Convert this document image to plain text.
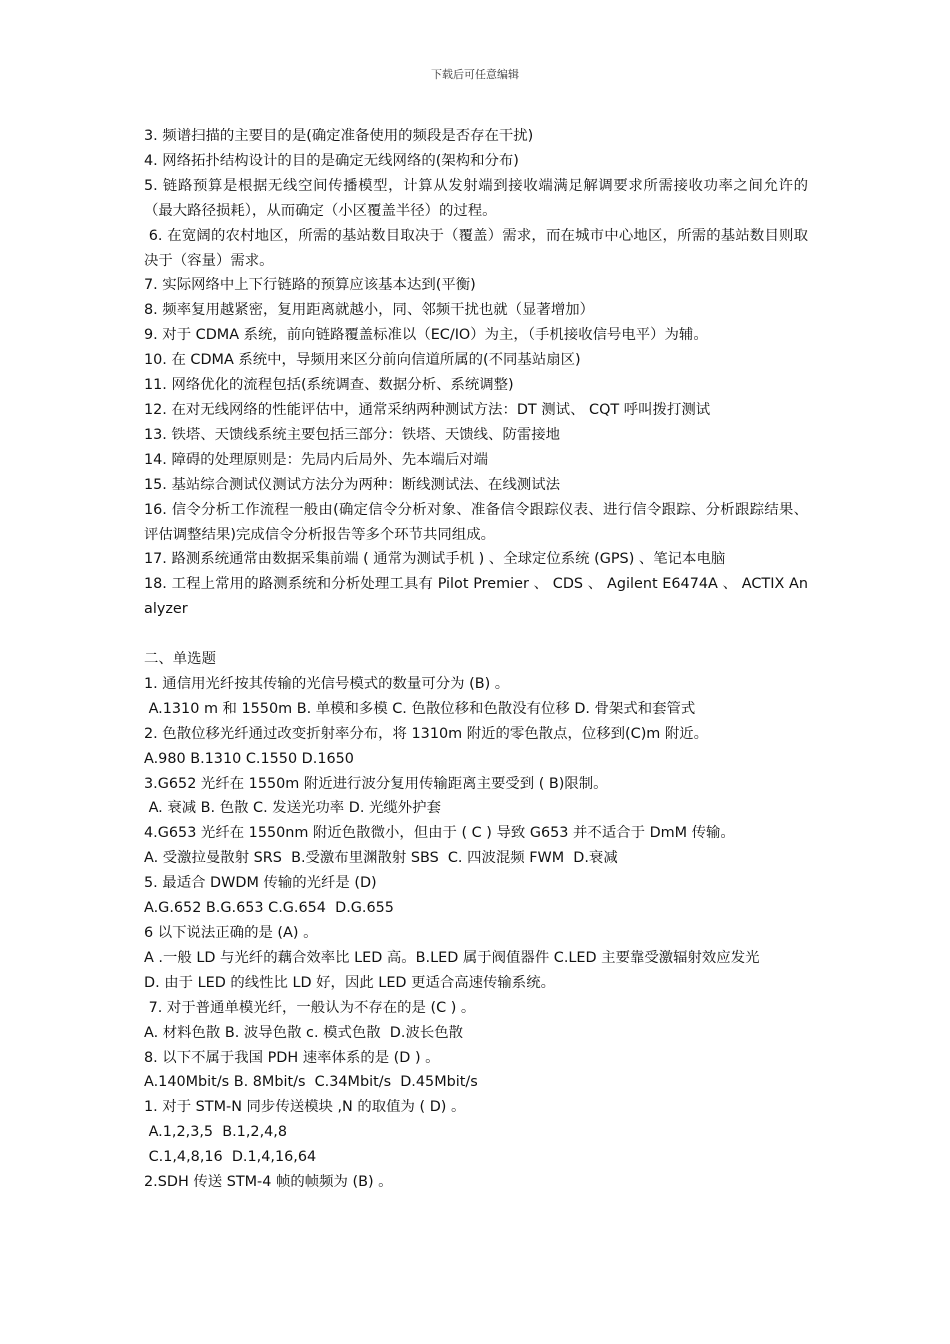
下载后可任意编辑
3. 频谱扫描的主要目的是(确定准备使用的频段是否存在干扰)
4. 网络拓扑结构设计的目的是确定无线网络的(架构和分布)
5. 链路预算是根据无线空间传播模型，计算从发射端到接收端满足解调要求所需接收功率之间允许的（最大路径损耗），从而确定（小区覆盖半径）的过程。
6. 在宽阔的农村地区，所需的基站数目取决于（覆盖）需求，而在城市中心地区，所需的基站数目则取决于（容量）需求。
7. 实际网络中上下行链路的预算应该基本达到(平衡)
8. 频率复用越紧密，复用距离就越小，同、邻频干扰也就（显著增加）
9. 对于 CDMA 系统，前向链路覆盖标准以（EC/IO）为主，（手机接收信号电平）为辅。
10. 在 CDMA 系统中，导频用来区分前向信道所属的(不同基站扇区)
11. 网络优化的流程包括(系统调查、数据分析、系统调整)
12. 在对无线网络的性能评估中，通常采纳两种测试方法：DT 测试、 CQT 呼叫拨打测试
13. 铁塔、天馈线系统主要包括三部分：铁塔、天馈线、防雷接地
14. 障碍的处理原则是：先局内后局外、先本端后对端
15. 基站综合测试仪测试方法分为两种：断线测试法、在线测试法
16. 信令分析工作流程一般由(确定信令分析对象、准备信令跟踪仪表、进行信令跟踪、分析跟踪结果、评估调整结果)完成信令分析报告等多个环节共同组成。
17. 路测系统通常由数据采集前端 ( 通常为测试手机 ) 、全球定位系统 (GPS) 、笔记本电脑
18. 工程上常用的路测系统和分析处理工具有 Pilot Premier 、 CDS 、 Agilent E6474A 、 ACTIX Analyzer
二、单选题
1. 通信用光纤按其传输的光信号模式的数量可分为 (B) 。
A.1310 m 和 1550m B. 单模和多模 C. 色散位移和色散没有位移 D. 骨架式和套管式
2. 色散位移光纤通过改变折射率分布，将 1310m 附近的零色散点，位移到(C)m 附近。
A.980 B.1310 C.1550 D.1650
3.G652 光纤在 1550m 附近进行波分复用传输距离主要受到 ( B)限制。
A. 衰减 B. 色散 C. 发送光功率 D. 光缆外护套
4.G653 光纤在 1550nm 附近色散微小，但由于 ( C ) 导致 G653 并不适合于 DmM 传输。
A. 受激拉曼散射 SRS  B.受激布里渊散射 SBS  C. 四波混频 FWM  D.衰减
5. 最适合 DWDM 传输的光纤是 (D)
A.G.652 B.G.653 C.G.654  D.G.655
6 以下说法正确的是 (A) 。
A .一般 LD 与光纤的藕合效率比 LED 高。B.LED 属于阀值器件 C.LED 主要靠受激辐射效应发光
D. 由于 LED 的线性比 LD 好，因此 LED 更适合高速传输系统。
7. 对于普通单模光纤，一般认为不存在的是 (C ) 。
A. 材料色散 B. 波导色散 c. 模式色散  D.波长色散
8. 以下不属于我国 PDH 速率体系的是 (D ) 。
A.140Mbit/s B. 8Mbit/s  C.34Mbit/s  D.45Mbit/s
1. 对于 STM-N 同步传送模块 ,N 的取值为 ( D) 。
A.1,2,3,5  B.1,2,4,8
C.1,4,8,16  D.1,4,16,64
2.SDH 传送 STM-4 帧的帧频为 (B) 。
